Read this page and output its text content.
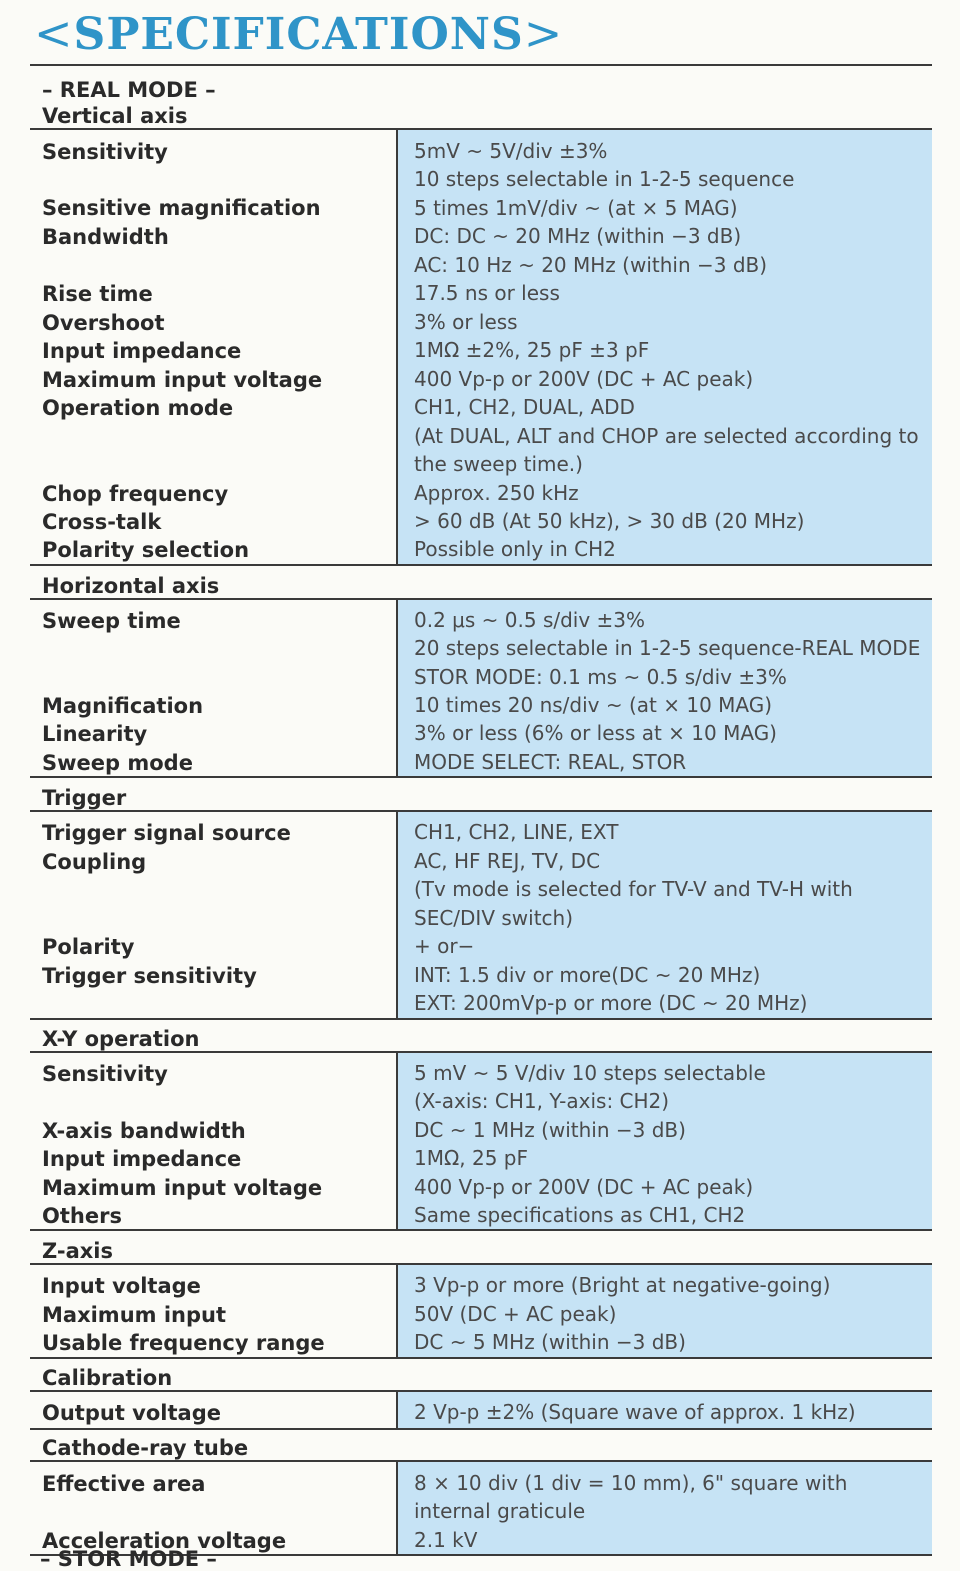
<SPECIFICATIONS>
– REAL MODE –
Vertical axis
Sensitivity
Sensitive magnification
Bandwidth
Rise time
Overshoot
Input impedance
Maximum input voltage
Operation mode
Chop frequency
Cross-talk
Polarity selection
5mV ~ 5V/div ±3%
10 steps selectable in 1-2-5 sequence
5 times 1mV/div ~ (at × 5 MAG)
DC: DC ~ 20 MHz (within −3 dB)
AC: 10 Hz ~ 20 MHz (within −3 dB)
17.5 ns or less
3% or less
1MΩ ±2%, 25 pF ±3 pF
400 Vp-p or 200V (DC + AC peak)
CH1, CH2, DUAL, ADD
(At DUAL, ALT and CHOP are selected according to
the sweep time.)
Approx. 250 kHz
> 60 dB (At 50 kHz), > 30 dB (20 MHz)
Possible only in CH2
Horizontal axis
Sweep time
Magnification
Linearity
Sweep mode
0.2 μs ~ 0.5 s/div ±3%
20 steps selectable in 1-2-5 sequence-REAL MODE
STOR MODE: 0.1 ms ~ 0.5 s/div ±3%
10 times 20 ns/div ~ (at × 10 MAG)
3% or less (6% or less at × 10 MAG)
MODE SELECT: REAL, STOR
Trigger
Trigger signal source
Coupling
Polarity
Trigger sensitivity
CH1, CH2, LINE, EXT
AC, HF REJ, TV, DC
(Tv mode is selected for TV-V and TV-H with
SEC/DIV switch)
+ or−
INT: 1.5 div or more(DC ~ 20 MHz)
EXT: 200mVp-p or more (DC ~ 20 MHz)
X-Y operation
Sensitivity
X-axis bandwidth
Input impedance
Maximum input voltage
Others
5 mV ~ 5 V/div 10 steps selectable
(X-axis: CH1, Y-axis: CH2)
DC ~ 1 MHz (within −3 dB)
1MΩ, 25 pF
400 Vp-p or 200V (DC + AC peak)
Same specifications as CH1, CH2
Z-axis
Input voltage
Maximum input
Usable frequency range
3 Vp-p or more (Bright at negative-going)
50V (DC + AC peak)
DC ~ 5 MHz (within −3 dB)
Calibration
Output voltage	2 Vp-p ±2% (Square wave of approx. 1 kHz)
Cathode-ray tube
Effective area
Acceleration voltage
8 × 10 div (1 div = 10 mm), 6" square with
internal graticule
2.1 kV
– STOR MODE –
